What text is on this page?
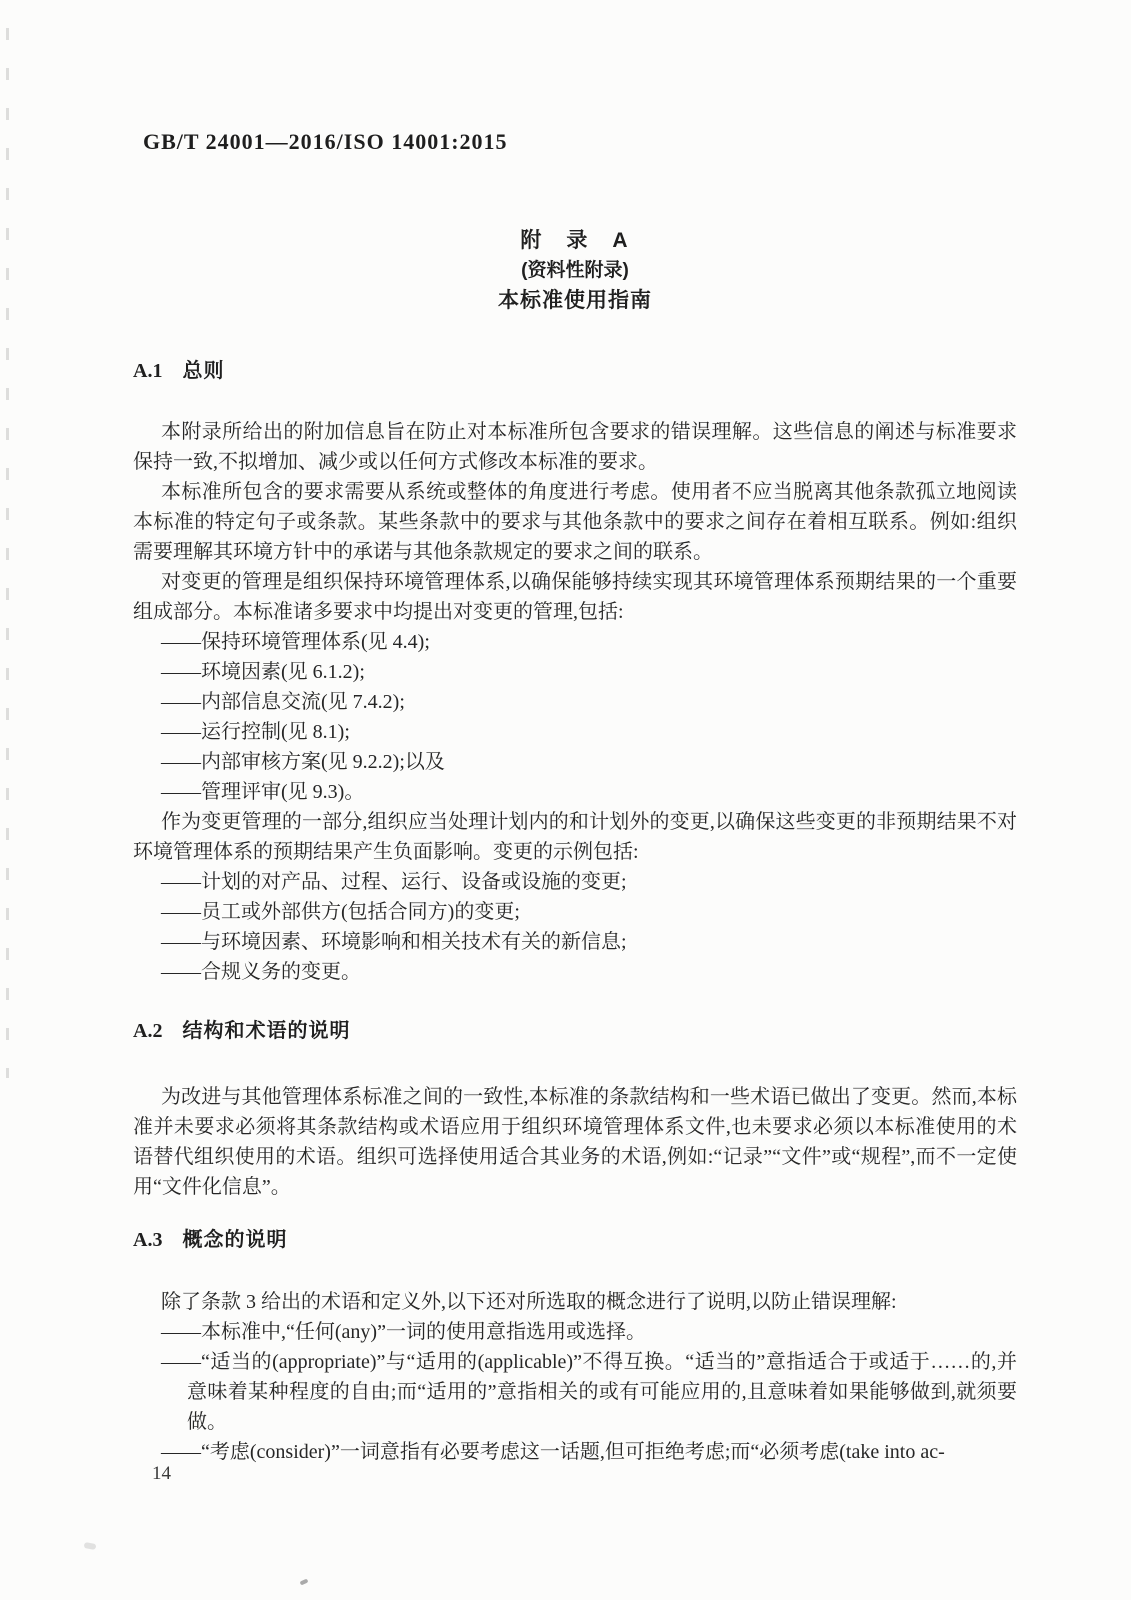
GB/T 24001—2016/ISO 14001:2015
附　录　A
(资料性附录)
本标准使用指南
A.1 总则

本附录所给出的附加信息旨在防止对本标准所包含要求的错误理解。这些信息的阐述与标准要求保持一致,不拟增加、减少或以任何方式修改本标准的要求。

本标准所包含的要求需要从系统或整体的角度进行考虑。使用者不应当脱离其他条款孤立地阅读本标准的特定句子或条款。某些条款中的要求与其他条款中的要求之间存在着相互联系。例如:组织需要理解其环境方针中的承诺与其他条款规定的要求之间的联系。

对变更的管理是组织保持环境管理体系,以确保能够持续实现其环境管理体系预期结果的一个重要组成部分。本标准诸多要求中均提出对变更的管理,包括:

——保持环境管理体系(见 4.4);
——环境因素(见 6.1.2);
——内部信息交流(见 7.4.2);
——运行控制(见 8.1);
——内部审核方案(见 9.2.2);以及
——管理评审(见 9.3)。

作为变更管理的一部分,组织应当处理计划内的和计划外的变更,以确保这些变更的非预期结果不对环境管理体系的预期结果产生负面影响。变更的示例包括:

——计划的对产品、过程、运行、设备或设施的变更;
——员工或外部供方(包括合同方)的变更;
——与环境因素、环境影响和相关技术有关的新信息;
——合规义务的变更。
A.2 结构和术语的说明

为改进与其他管理体系标准之间的一致性,本标准的条款结构和一些术语已做出了变更。然而,本标准并未要求必须将其条款结构或术语应用于组织环境管理体系文件,也未要求必须以本标准使用的术语替代组织使用的术语。组织可选择使用适合其业务的术语,例如:“记录”“文件”或“规程”,而不一定使用“文件化信息”。

A.3 概念的说明

除了条款 3 给出的术语和定义外,以下还对所选取的概念进行了说明,以防止错误理解:

——本标准中,“任何(any)”一词的使用意指选用或选择。
——“适当的(appropriate)”与“适用的(applicable)”不得互换。“适当的”意指适合于或适于……的,并意味着某种程度的自由;而“适用的”意指相关的或有可能应用的,且意味着如果能够做到,就须要做。
——“考虑(consider)”一词意指有必要考虑这一话题,但可拒绝考虑;而“必须考虑(take into ac-
14
